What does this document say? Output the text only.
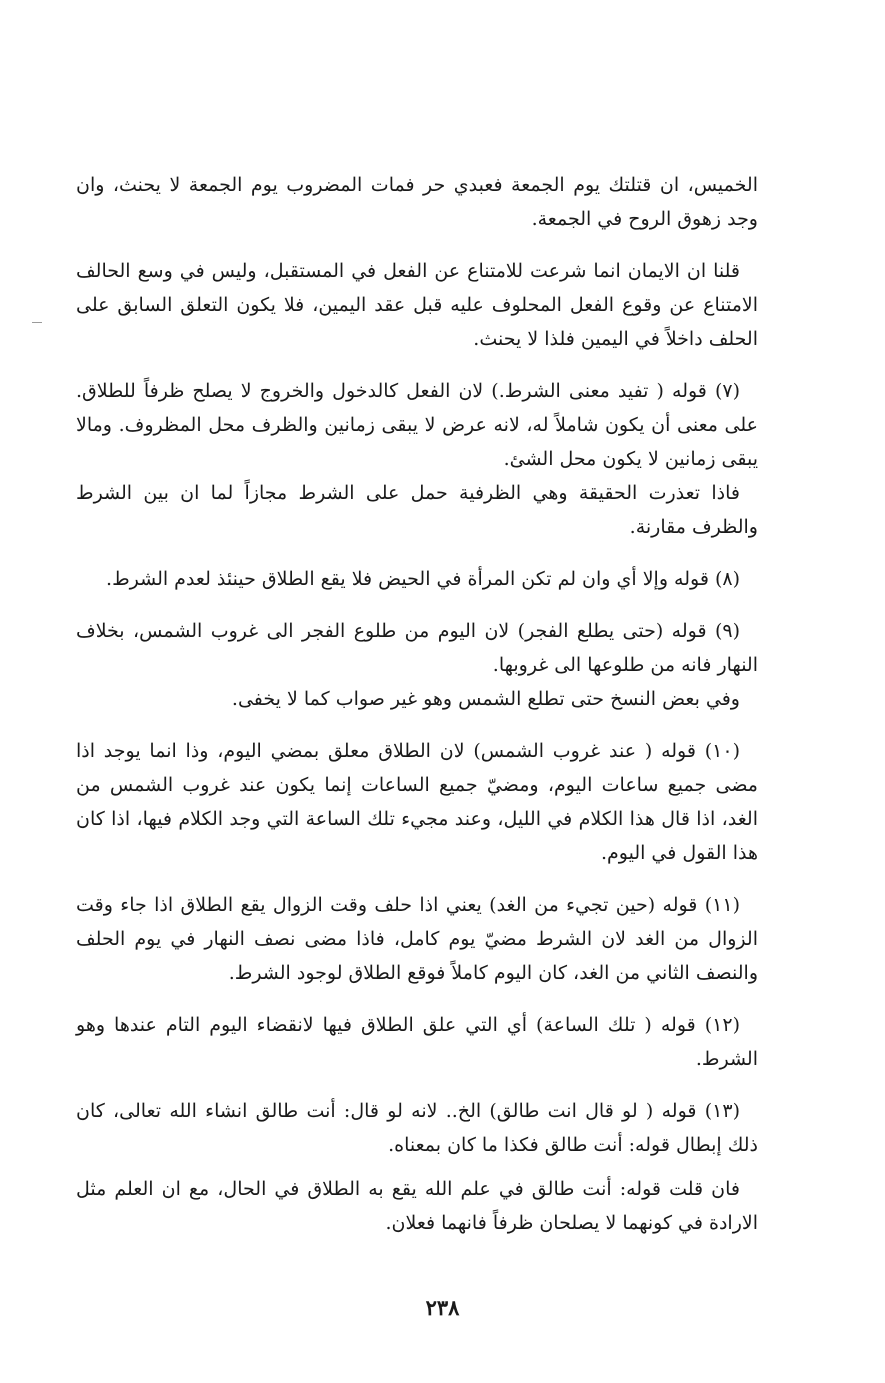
الخميس، ان قتلتك يوم الجمعة فعبدي حر فمات المضروب يوم الجمعة لا يحنث، وان وجد زهوق الروح في الجمعة.

قلنا ان الايمان انما شرعت للامتناع عن الفعل في المستقبل، وليس في وسع الحالف الامتناع عن وقوع الفعل المحلوف عليه قبل عقد اليمين، فلا يكون التعلق السابق على الحلف داخلاً في اليمين فلذا لا يحنث.

(٧) قوله ( تفيد معنى الشرط.) لان الفعل كالدخول والخروج لا يصلح ظرفاً للطلاق. على معنى أن يكون شاملاً له، لانه عرض لا يبقى زمانين والظرف محل المظروف. ومالا يبقى زمانين لا يكون محل الشئ.

فاذا تعذرت الحقيقة وهي الظرفية حمل على الشرط مجازاً لما ان بين الشرط والظرف مقارنة.

(٨) قوله وإلا أي وان لم تكن المرأة في الحيض فلا يقع الطلاق حينئذ لعدم الشرط.

(٩) قوله (حتى يطلع الفجر) لان اليوم من طلوع الفجر الى غروب الشمس، بخلاف النهار فانه من طلوعها الى غروبها.

وفي بعض النسخ حتى تطلع الشمس وهو غير صواب كما لا يخفى.

(١٠) قوله ( عند غروب الشمس) لان الطلاق معلق بمضي اليوم، وذا انما يوجد اذا مضى جميع ساعات اليوم، ومضيّ جميع الساعات إنما يكون عند غروب الشمس من الغد، اذا قال هذا الكلام في الليل، وعند مجيء تلك الساعة التي وجد الكلام فيها، اذا كان هذا القول في اليوم.

(١١) قوله (حين تجيء من الغد) يعني اذا حلف وقت الزوال يقع الطلاق اذا جاء وقت الزوال من الغد لان الشرط مضيّ يوم كامل، فاذا مضى نصف النهار في يوم الحلف والنصف الثاني من الغد، كان اليوم كاملاً فوقع الطلاق لوجود الشرط.

(١٢) قوله ( تلك الساعة) أي التي علق الطلاق فيها لانقضاء اليوم التام عندها وهو الشرط.

(١٣) قوله ( لو قال انت طالق) الخ.. لانه لو قال: أنت طالق انشاء الله تعالى، كان ذلك إبطال قوله: أنت طالق فكذا ما كان بمعناه.

فان قلت قوله: أنت طالق في علم الله يقع به الطلاق في الحال، مع ان العلم مثل الارادة في كونهما لا يصلحان ظرفاً فانهما فعلان.

٢٣٨
